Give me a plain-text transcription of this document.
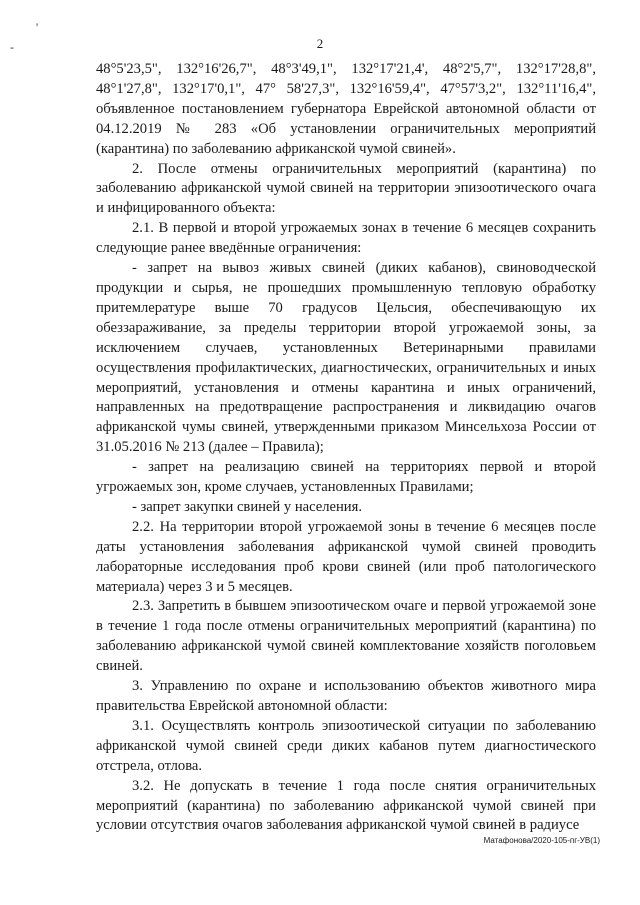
'
-	2

48°5'23,5", 132°16'26,7", 48°3'49,1", 132°17'21,4', 48°2'5,7", 132°17'28,8", 48°1'27,8", 132°17'0,1", 47° 58'27,3", 132°16'59,4", 47°57'3,2", 132°11'16,4", объявленное постановлением губернатора Еврейской автономной области от 04.12.2019 № 283 «Об установлении ограничительных мероприятий (карантина) по заболеванию африканской чумой свиней».

2. После отмены ограничительных мероприятий (карантина) по заболеванию африканской чумой свиней на территории эпизоотического очага и инфицированного объекта:

2.1. В первой и второй угрожаемых зонах в течение 6 месяцев сохранить следующие ранее введённые ограничения:

- запрет на вывоз живых свиней (диких кабанов), свиноводческой продукции и сырья, не прошедших промышленную тепловую обработку притемлературе выше 70 градусов Цельсия, обеспечивающую их обеззараживание, за пределы территории второй угрожаемой зоны, за исключением случаев, установленных Ветеринарными правилами осуществления профилактических, диагностических, ограничительных и иных мероприятий, установления и отмены карантина и иных ограничений, направленных на предотвращение распространения и ликвидацию очагов африканской чумы свиней, утвержденными приказом Минсельхоза России от 31.05.2016 № 213 (далее – Правила);

- запрет на реализацию свиней на территориях первой и второй угрожаемых зон, кроме случаев, установленных Правилами;

- запрет закупки свиней у населения.

2.2. На территории второй угрожаемой зоны в течение 6 месяцев после даты установления заболевания африканской чумой свиней проводить лабораторные исследования проб крови свиней (или проб патологического материала) через 3 и 5 месяцев.

2.3. Запретить в бывшем эпизоотическом очаге и первой угрожаемой зоне в течение 1 года после отмены ограничительных мероприятий (карантина) по заболеванию африканской чумой свиней комплектование хозяйств поголовьем свиней.

3. Управлению по охране и использованию объектов животного мира правительства Еврейской автономной области:

3.1. Осуществлять контроль эпизоотической ситуации по заболеванию африканской чумой свиней среди диких кабанов путем диагностического отстрела, отлова.

3.2. Не допускать в течение 1 года после снятия ограничительных мероприятий (карантина) по заболеванию африканской чумой свиней при условии отсутствия очагов заболевания африканской чумой свиней в радиусе

Матафонова/2020-105-пг-УВ(1)
